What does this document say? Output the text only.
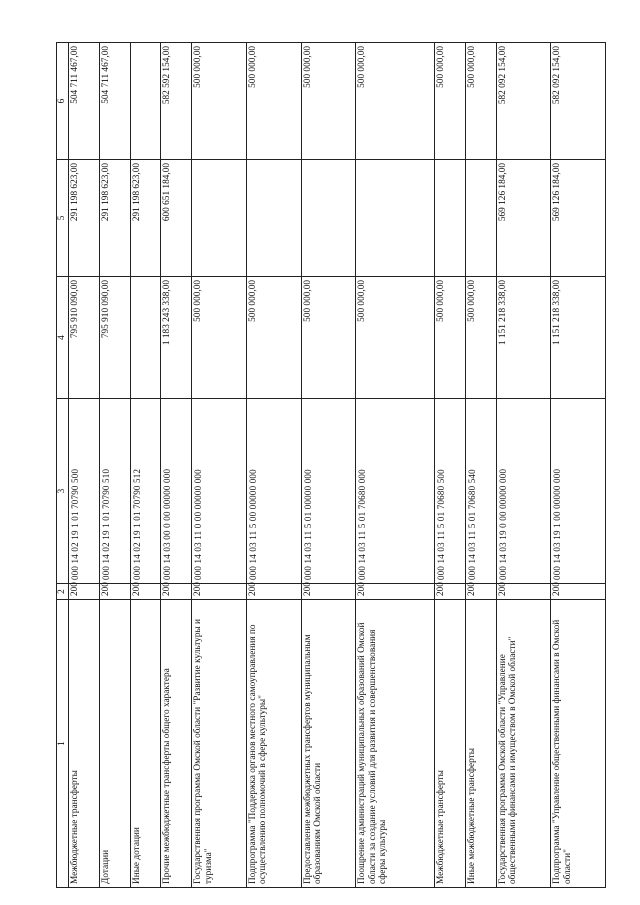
1	2	3	4	5	6
Межбюджетные трансферты	200	000 14 02 19 1 01 70790 500	795 910 090,00	291 198 623,00	504 711 467,00
Дотации	200	000 14 02 19 1 01 70790 510	795 910 090,00	291 198 623,00	504 711 467,00
Иные дотации	200	000 14 02 19 1 01 70790 512		291 198 623,00	
Прочие межбюджетные трансферты общего характера	200	000 14 03 00 0 00 00000 000	1 183 243 338,00	600 651 184,00	582 592 154,00
Государственная программа Омской области "Развитие культуры и туризма"	200	000 14 03 11 0 00 00000 000	500 000,00		500 000,00
Подпрограмма "Поддержка органов местного самоуправления по осуществлению полномочий в сфере культуры"	200	000 14 03 11 5 00 00000 000	500 000,00		500 000,00
Предоставление межбюджетных трансфертов муниципальным образованиям Омской области	200	000 14 03 11 5 01 00000 000	500 000,00		500 000,00
Поощрение администраций муниципальных образований Омской области за создание условий для развития и совершенствования сферы культуры	200	000 14 03 11 5 01 70680 000	500 000,00		500 000,00
Межбюджетные трансферты	200	000 14 03 11 5 01 70680 500	500 000,00		500 000,00
Иные межбюджетные трансферты	200	000 14 03 11 5 01 70680 540	500 000,00		500 000,00
Государственная программа Омской области "Управление общественными финансами и имуществом в Омской области"	200	000 14 03 19 0 00 00000 000	1 151 218 338,00	569 126 184,00	582 092 154,00
Подпрограмма "Управление общественными финансами в Омской области"	200	000 14 03 19 1 00 00000 000	1 151 218 338,00	569 126 184,00	582 092 154,00
